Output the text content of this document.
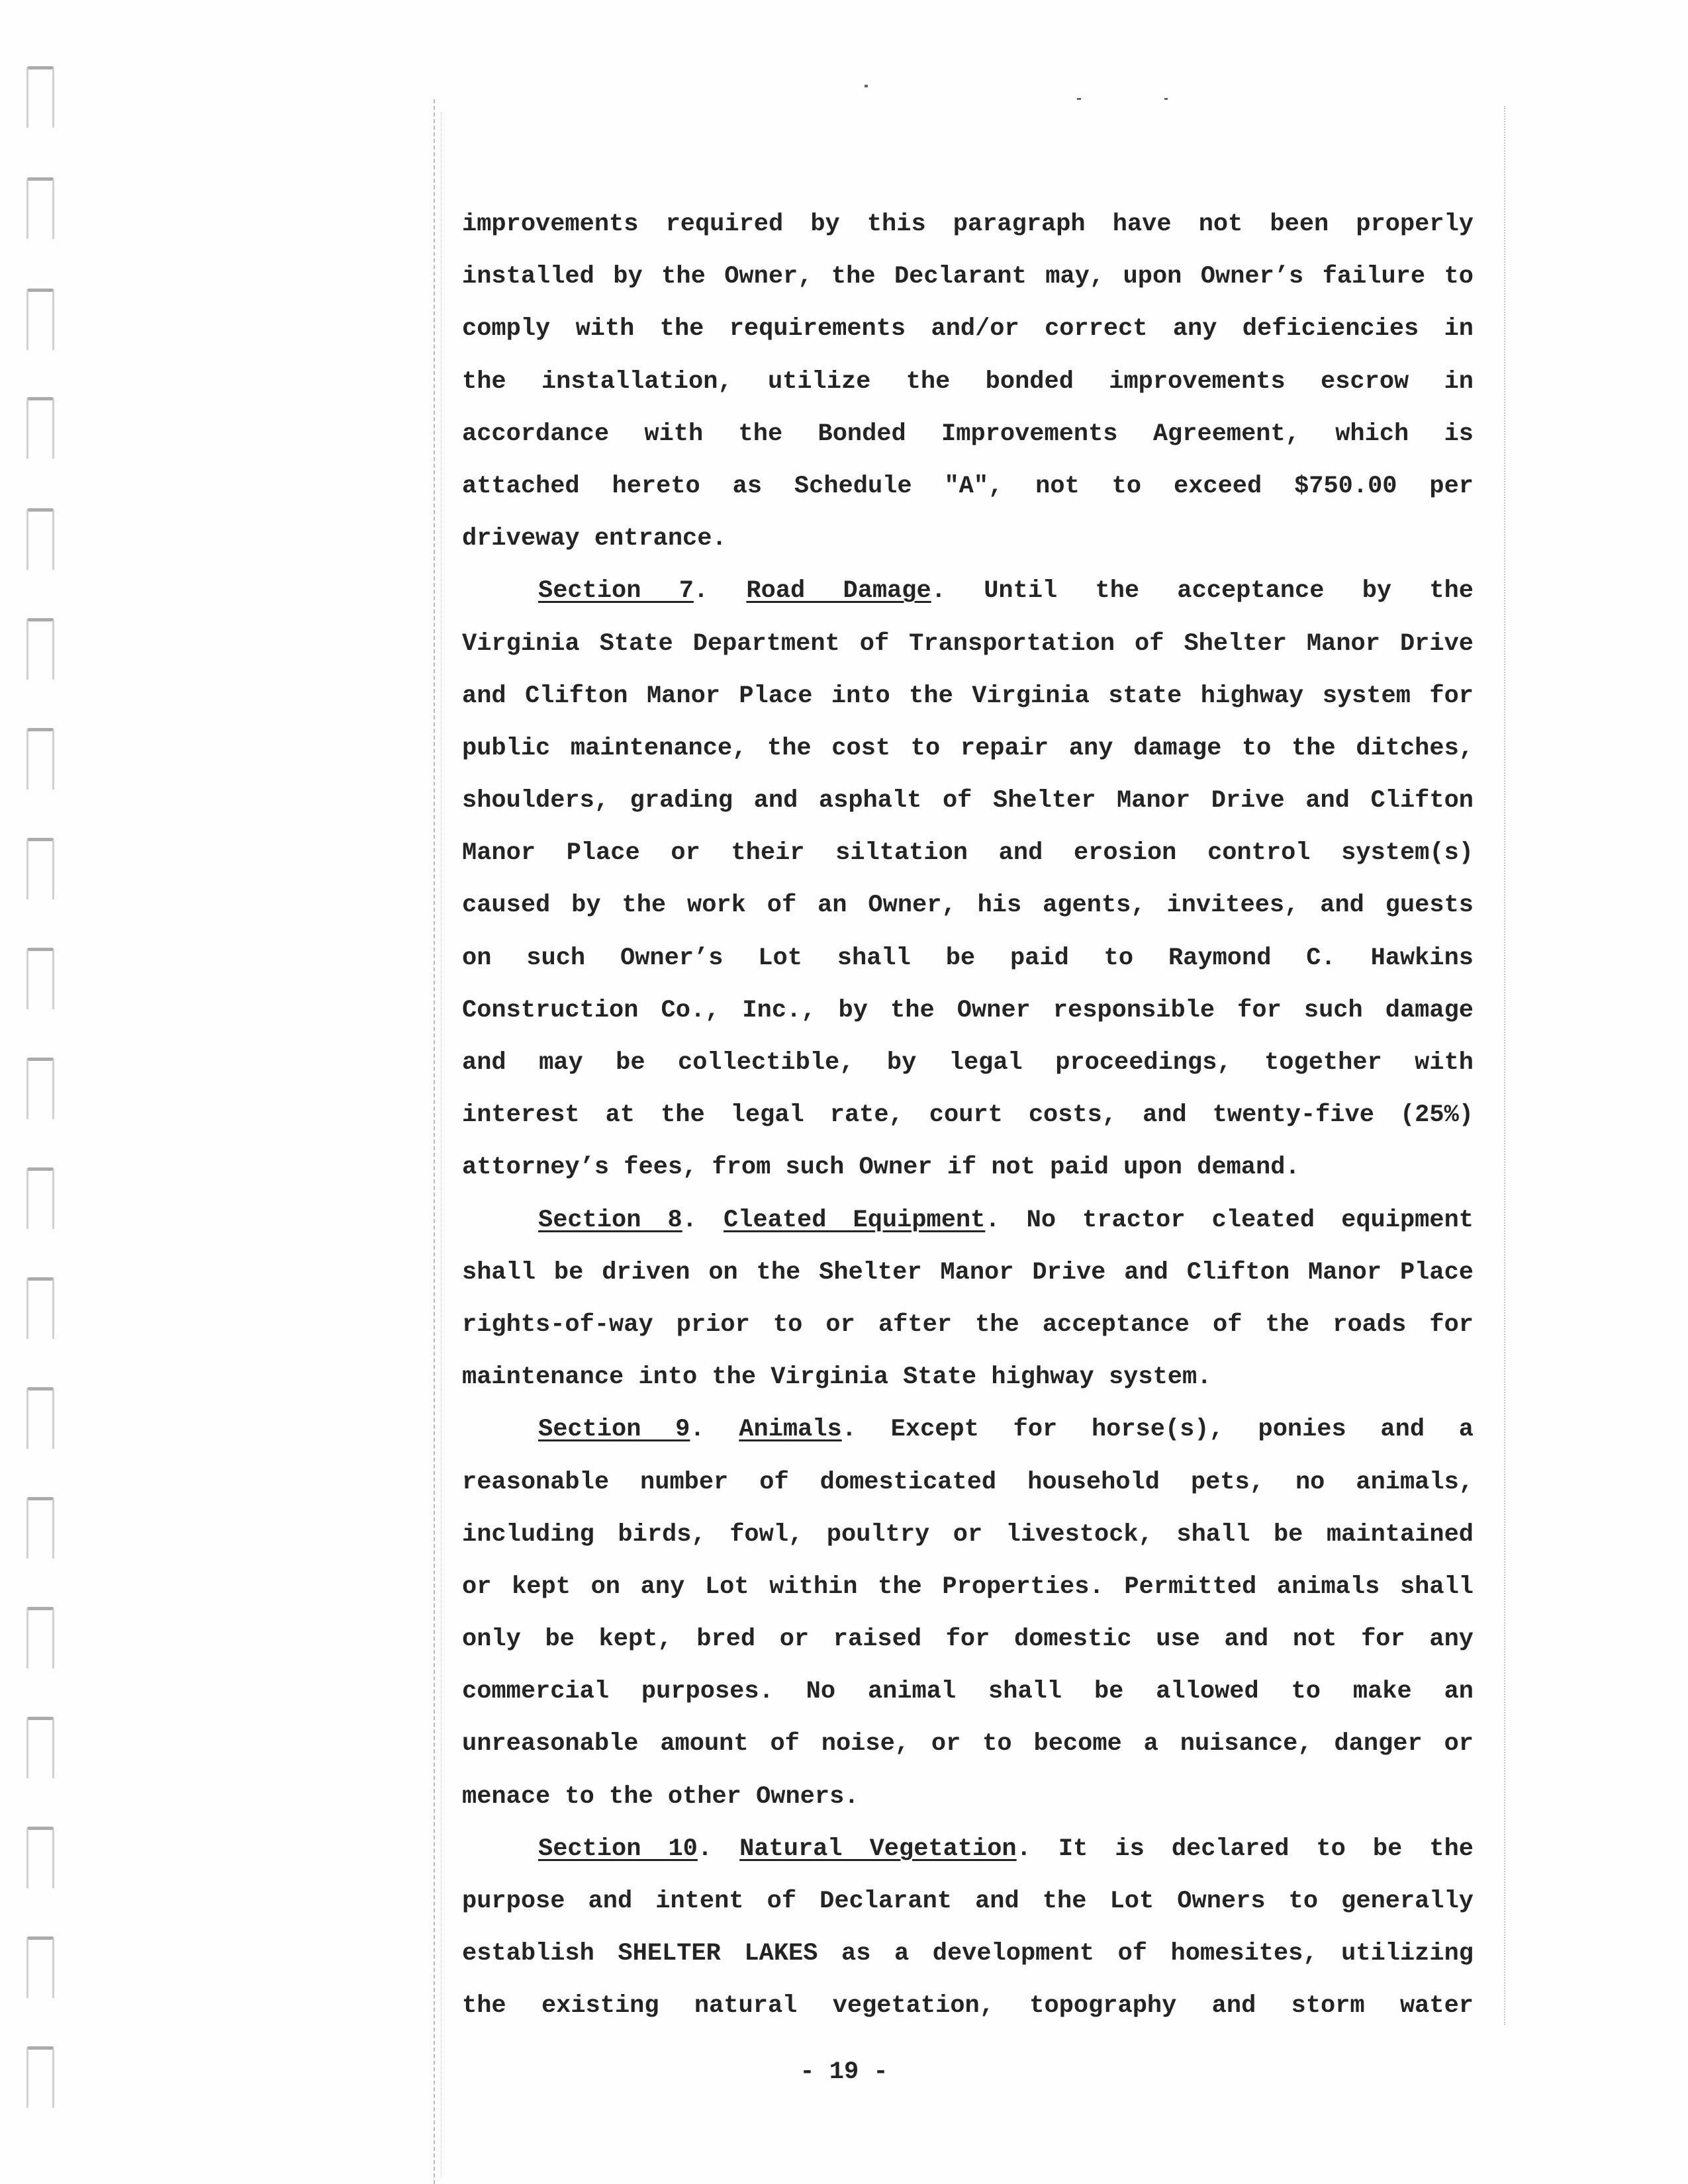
improvements required by this paragraph have not been properly
installed by the Owner, the Declarant may, upon Owner’s failure to
comply with the requirements and/or correct any deficiencies in
the installation, utilize the bonded improvements escrow in
accordance with the Bonded Improvements Agreement, which is
attached hereto as Schedule "A", not to exceed $750.00 per
driveway entrance.
Section 7. Road Damage. Until the acceptance by the
Virginia State Department of Transportation of Shelter Manor Drive
and Clifton Manor Place into the Virginia state highway system for
public maintenance, the cost to repair any damage to the ditches,
shoulders, grading and asphalt of Shelter Manor Drive and Clifton
Manor Place or their siltation and erosion control system(s)
caused by the work of an Owner, his agents, invitees, and guests
on such Owner’s Lot shall be paid to Raymond C. Hawkins
Construction Co., Inc., by the Owner responsible for such damage
and may be collectible, by legal proceedings, together with
interest at the legal rate, court costs, and twenty-five (25%)
attorney’s fees, from such Owner if not paid upon demand.
Section 8. Cleated Equipment. No tractor cleated equipment
shall be driven on the Shelter Manor Drive and Clifton Manor Place
rights-of-way prior to or after the acceptance of the roads for
maintenance into the Virginia State highway system.
Section 9. Animals. Except for horse(s), ponies and a
reasonable number of domesticated household pets, no animals,
including birds, fowl, poultry or livestock, shall be maintained
or kept on any Lot within the Properties. Permitted animals shall
only be kept, bred or raised for domestic use and not for any
commercial purposes. No animal shall be allowed to make an
unreasonable amount of noise, or to become a nuisance, danger or
menace to the other Owners.
Section 10. Natural Vegetation. It is declared to be the
purpose and intent of Declarant and the Lot Owners to generally
establish SHELTER LAKES as a development of homesites, utilizing
the existing natural vegetation, topography and storm water
- 19 -
